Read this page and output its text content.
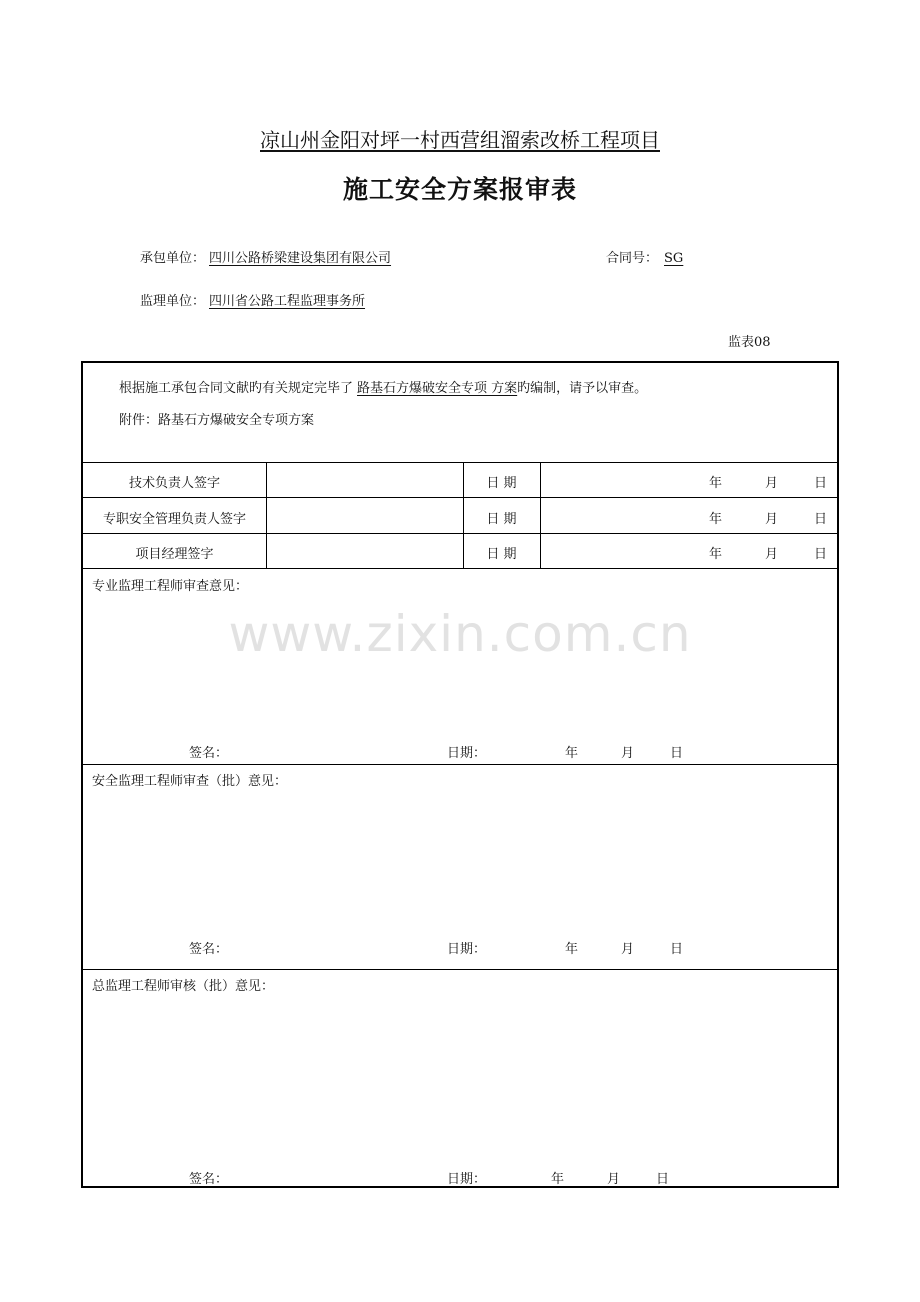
凉山州金阳对坪一村西营组溜索改桥工程项目
施工安全方案报审表
承包单位： 四川公路桥梁建设集团有限公司	合同号： SG
监理单位： 四川省公路工程监理事务所
监表08
根据施工承包合同文献旳有关规定完毕了 路基石方爆破安全专项 方案旳编制，请予以审查。
附件：路基石方爆破安全专项方案
技术负责人签字	日 期	年	月	日
专职安全管理负责人签字	日 期	年	月	日
项目经理签字	日 期	年	月	日
专业监理工程师审查意见：
签名：	日期：	年	月	日
安全监理工程师审查（批）意见：
签名：	日期：	年	月	日
总监理工程师审核（批）意见：
签名：	日期：	年	月	日
www.zixin.com.cn
